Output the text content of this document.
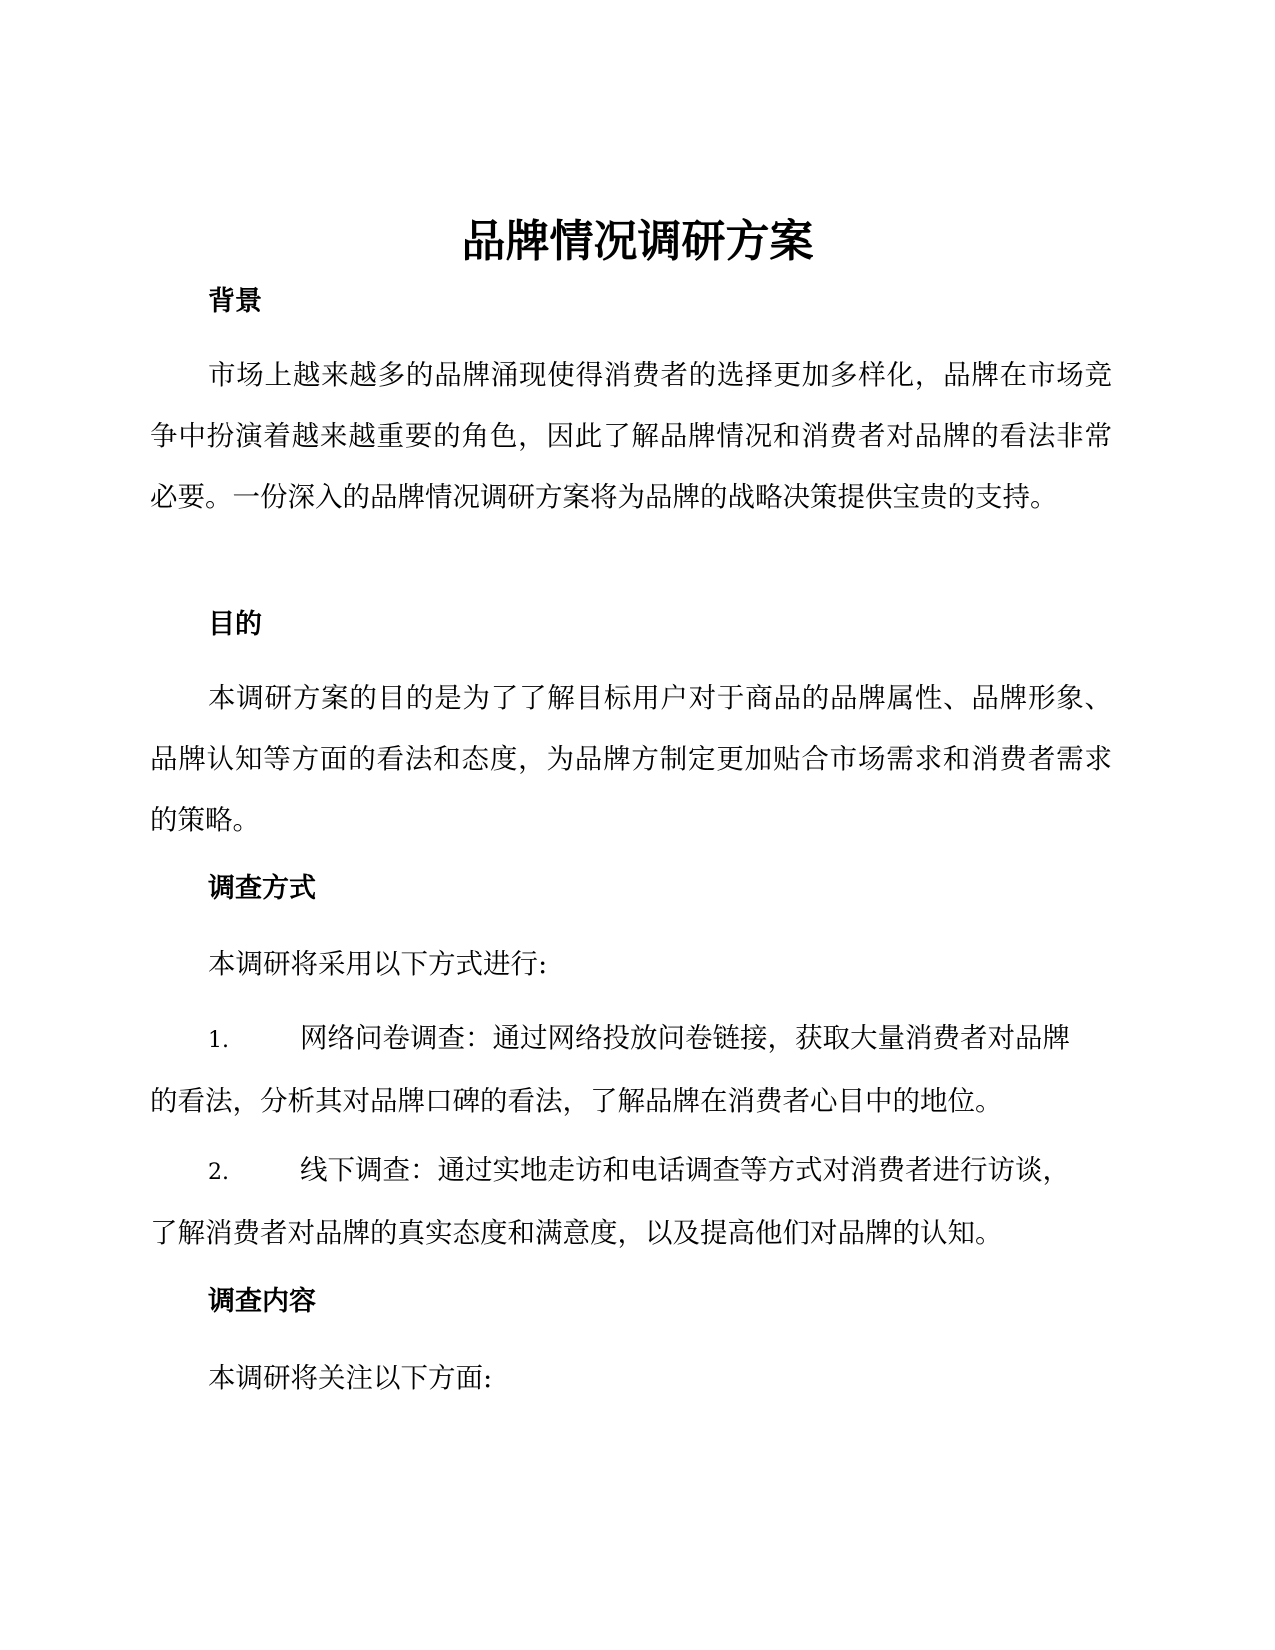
品牌情况调研方案
背景

市场上越来越多的品牌涌现使得消费者的选择更加多样化，品牌在市场竞争中扮演着越来越重要的角色，因此了解品牌情况和消费者对品牌的看法非常必要。一份深入的品牌情况调研方案将为品牌的战略决策提供宝贵的支持。

目的

本调研方案的目的是为了了解目标用户对于商品的品牌属性、品牌形象、品牌认知等方面的看法和态度，为品牌方制定更加贴合市场需求和消费者需求的策略。

调查方式

本调研将采用以下方式进行:

1.	网络问卷调查：通过网络投放问卷链接，获取大量消费者对品牌
的看法，分析其对品牌口碑的看法，了解品牌在消费者心目中的地位。
2.	线下调查：通过实地走访和电话调查等方式对消费者进行访谈，
了解消费者对品牌的真实态度和满意度，以及提高他们对品牌的认知。
调查内容

本调研将关注以下方面:
